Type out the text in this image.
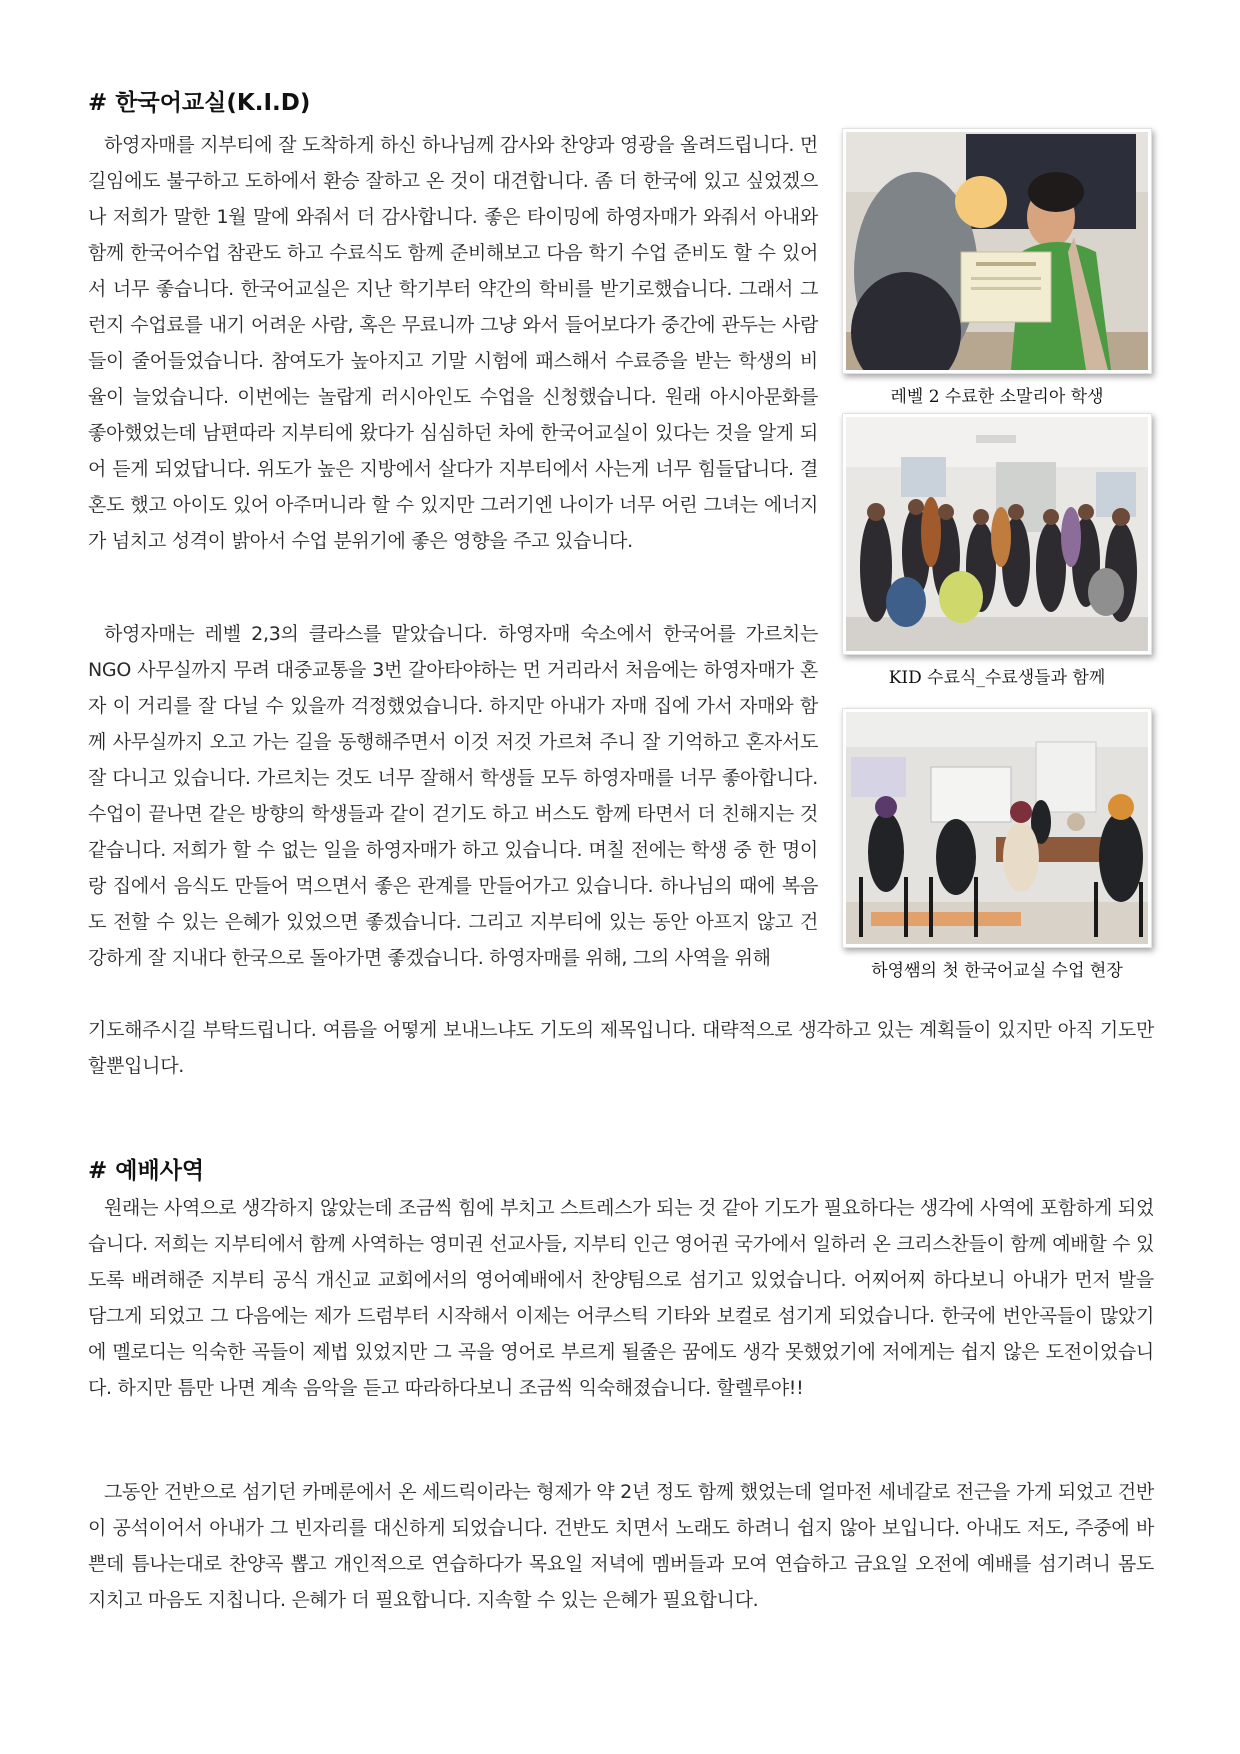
# 한국어교실(K.I.D)

하영자매를 지부티에 잘 도착하게 하신 하나님께 감사와 찬양과 영광을 올려드립니다. 먼 길임에도 불구하고 도하에서 환승 잘하고 온 것이 대견합니다. 좀 더 한국에 있고 싶었겠으나 저희가 말한 1월 말에 와줘서 더 감사합니다. 좋은 타이밍에 하영자매가 와줘서 아내와 함께 한국어수업 참관도 하고 수료식도 함께 준비해보고 다음 학기 수업 준비도 할 수 있어서 너무 좋습니다. 한국어교실은 지난 학기부터 약간의 학비를 받기로했습니다. 그래서 그런지 수업료를 내기 어려운 사람, 혹은 무료니까 그냥 와서 들어보다가 중간에 관두는 사람들이 줄어들었습니다. 참여도가 높아지고 기말 시험에 패스해서 수료증을 받는 학생의 비율이 늘었습니다. 이번에는 놀랍게 러시아인도 수업을 신청했습니다. 원래 아시아문화를 좋아했었는데 남편따라 지부티에 왔다가 심심하던 차에 한국어교실이 있다는 것을 알게 되어 듣게 되었답니다. 위도가 높은 지방에서 살다가 지부티에서 사는게 너무 힘들답니다. 결혼도 했고 아이도 있어 아주머니라 할 수 있지만 그러기엔 나이가 너무 어린 그녀는 에너지가 넘치고 성격이 밝아서 수업 분위기에 좋은 영향을 주고 있습니다.

하영자매는 레벨 2,3의 클라스를 맡았습니다. 하영자매 숙소에서 한국어를 가르치는 NGO 사무실까지 무려 대중교통을 3번 갈아타야하는 먼 거리라서 처음에는 하영자매가 혼자 이 거리를 잘 다닐 수 있을까 걱정했었습니다. 하지만 아내가 자매 집에 가서 자매와 함께 사무실까지 오고 가는 길을 동행해주면서 이것 저것 가르쳐 주니 잘 기억하고 혼자서도 잘 다니고 있습니다. 가르치는 것도 너무 잘해서 학생들 모두 하영자매를 너무 좋아합니다. 수업이 끝나면 같은 방향의 학생들과 같이 걷기도 하고 버스도 함께 타면서 더 친해지는 것 같습니다. 저희가 할 수 없는 일을 하영자매가 하고 있습니다. 며칠 전에는 학생 중 한 명이랑 집에서 음식도 만들어 먹으면서 좋은 관계를 만들어가고 있습니다. 하나님의 때에 복음도 전할 수 있는 은혜가 있었으면 좋겠습니다. 그리고 지부티에 있는 동안 아프지 않고 건강하게 잘 지내다 한국으로 돌아가면 좋겠습니다. 하영자매를 위해, 그의 사역을 위해

기도해주시길 부탁드립니다. 여름을 어떻게 보내느냐도 기도의 제목입니다. 대략적으로 생각하고 있는 계획들이 있지만 아직 기도만 할뿐입니다.

레벨 2 수료한 소말리아 학생
KID 수료식_수료생들과 함께
하영쌤의 첫 한국어교실 수업 현장
# 예배사역

원래는 사역으로 생각하지 않았는데 조금씩 힘에 부치고 스트레스가 되는 것 같아 기도가 필요하다는 생각에 사역에 포함하게 되었습니다. 저희는 지부티에서 함께 사역하는 영미권 선교사들, 지부티 인근 영어권 국가에서 일하러 온 크리스찬들이 함께 예배할 수 있도록 배려해준 지부티 공식 개신교 교회에서의 영어예배에서 찬양팀으로 섬기고 있었습니다. 어찌어찌 하다보니 아내가 먼저 발을 담그게 되었고 그 다음에는 제가 드럼부터 시작해서 이제는 어쿠스틱 기타와 보컬로 섬기게 되었습니다. 한국에 번안곡들이 많았기에 멜로디는 익숙한 곡들이 제법 있었지만 그 곡을 영어로 부르게 될줄은 꿈에도 생각 못했었기에 저에게는 쉽지 않은 도전이었습니다. 하지만 틈만 나면 계속 음악을 듣고 따라하다보니 조금씩 익숙해졌습니다. 할렐루야!!

그동안 건반으로 섬기던 카메룬에서 온 세드릭이라는 형제가 약 2년 정도 함께 했었는데 얼마전 세네갈로 전근을 가게 되었고 건반이 공석이어서 아내가 그 빈자리를 대신하게 되었습니다. 건반도 치면서 노래도 하려니 쉽지 않아 보입니다. 아내도 저도, 주중에 바쁜데 틈나는대로 찬양곡 뽑고 개인적으로 연습하다가 목요일 저녁에 멤버들과 모여 연습하고 금요일 오전에 예배를 섬기려니 몸도 지치고 마음도 지칩니다. 은혜가 더 필요합니다. 지속할 수 있는 은혜가 필요합니다.
